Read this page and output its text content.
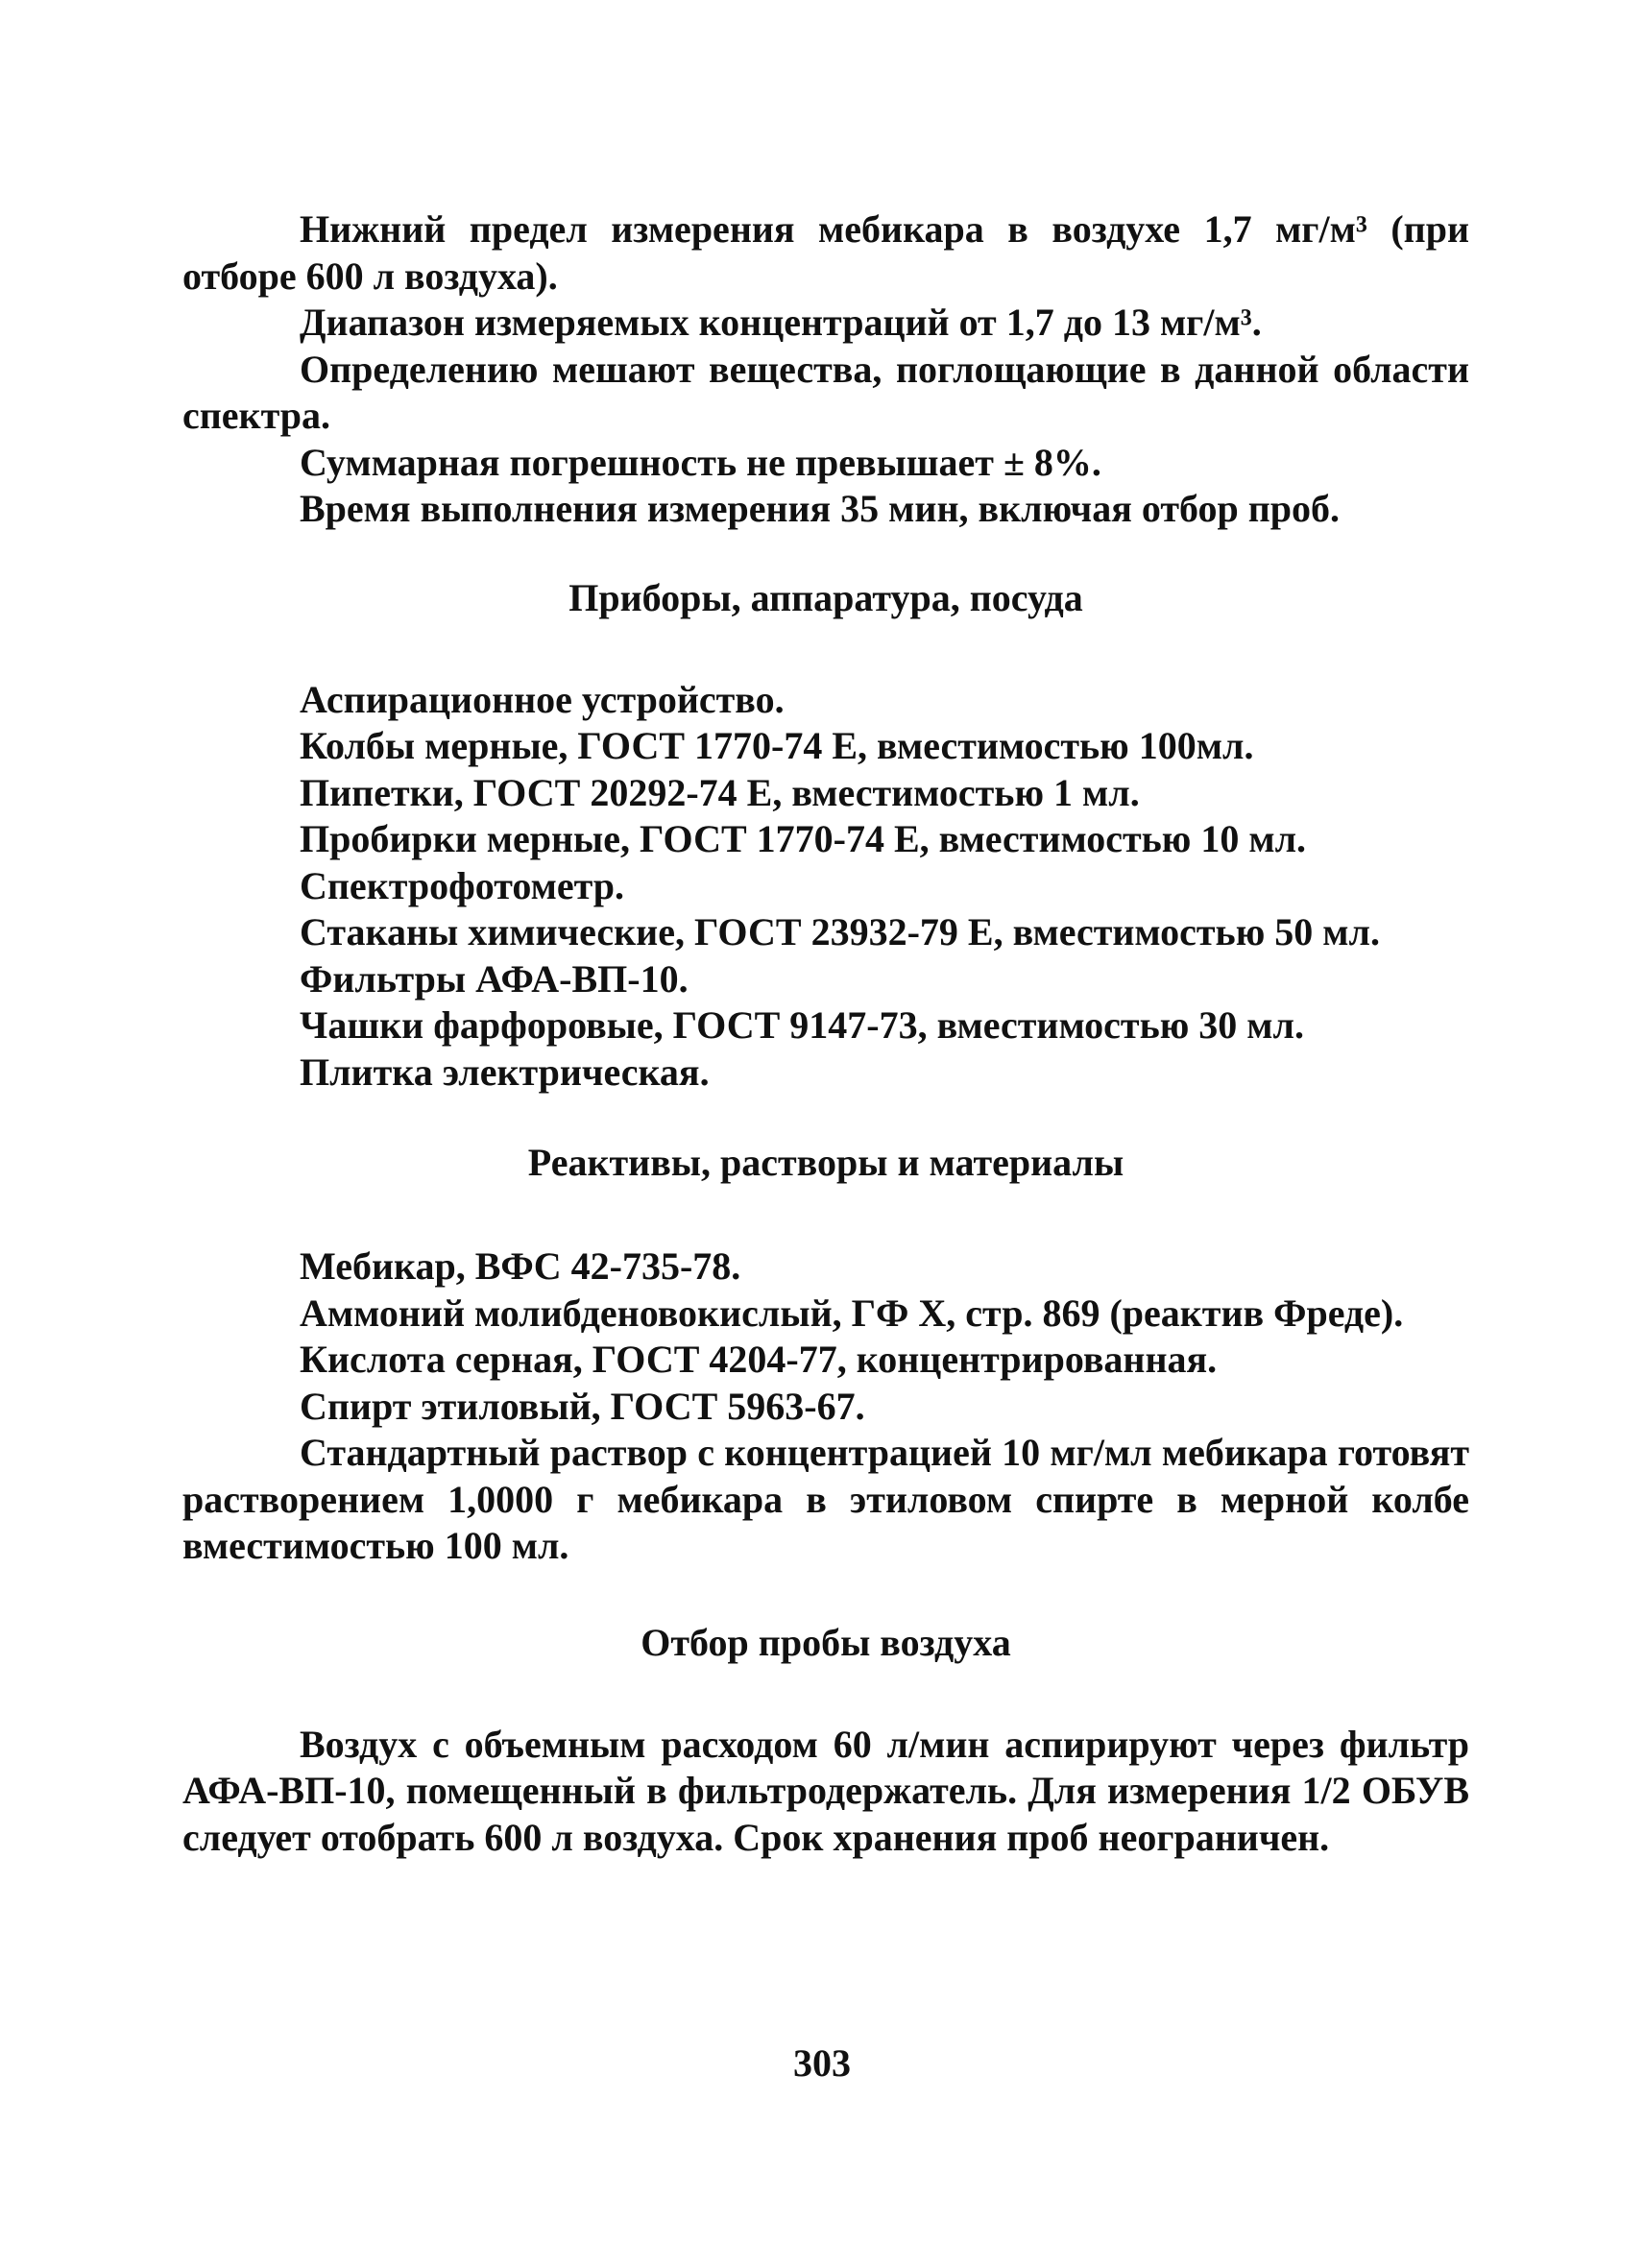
Нижний предел измерения мебикара в воздухе 1,7 мг/м³ (при отборе 600 л воздуха).

Диапазон измеряемых концентраций от 1,7 до 13 мг/м³.

Определению мешают вещества, поглощающие в данной области спектра.

Суммарная погрешность не превышает ± 8%.

Время выполнения измерения 35 мин, включая отбор проб.

Приборы, аппаратура, посуда

Аспирационное устройство.

Колбы мерные, ГОСТ 1770-74 Е, вместимостью 100мл.

Пипетки, ГОСТ 20292-74 Е, вместимостью 1 мл.

Пробирки мерные, ГОСТ 1770-74 Е, вместимостью 10 мл.

Спектрофотометр.

Стаканы химические, ГОСТ 23932-79 Е, вместимостью 50 мл.

Фильтры АФА-ВП-10.

Чашки фарфоровые, ГОСТ 9147-73, вместимостью 30 мл.

Плитка электрическая.

Реактивы, растворы и материалы

Мебикар, ВФС 42-735-78.

Аммоний молибденовокислый, ГФ X, стр. 869 (реактив Фреде).

Кислота серная, ГОСТ 4204-77, концентрированная.

Спирт этиловый, ГОСТ 5963-67.

Стандартный раствор с концентрацией 10 мг/мл мебикара готовят растворением 1,0000 г мебикара в этиловом спирте в мерной колбе вместимостью 100 мл.

Отбор пробы воздуха

Воздух с объемным расходом 60 л/мин аспирируют через фильтр АФА-ВП-10, помещенный в фильтродержатель. Для измерения 1/2 ОБУВ следует отобрать 600 л воздуха. Срок хранения проб неограничен.

303
